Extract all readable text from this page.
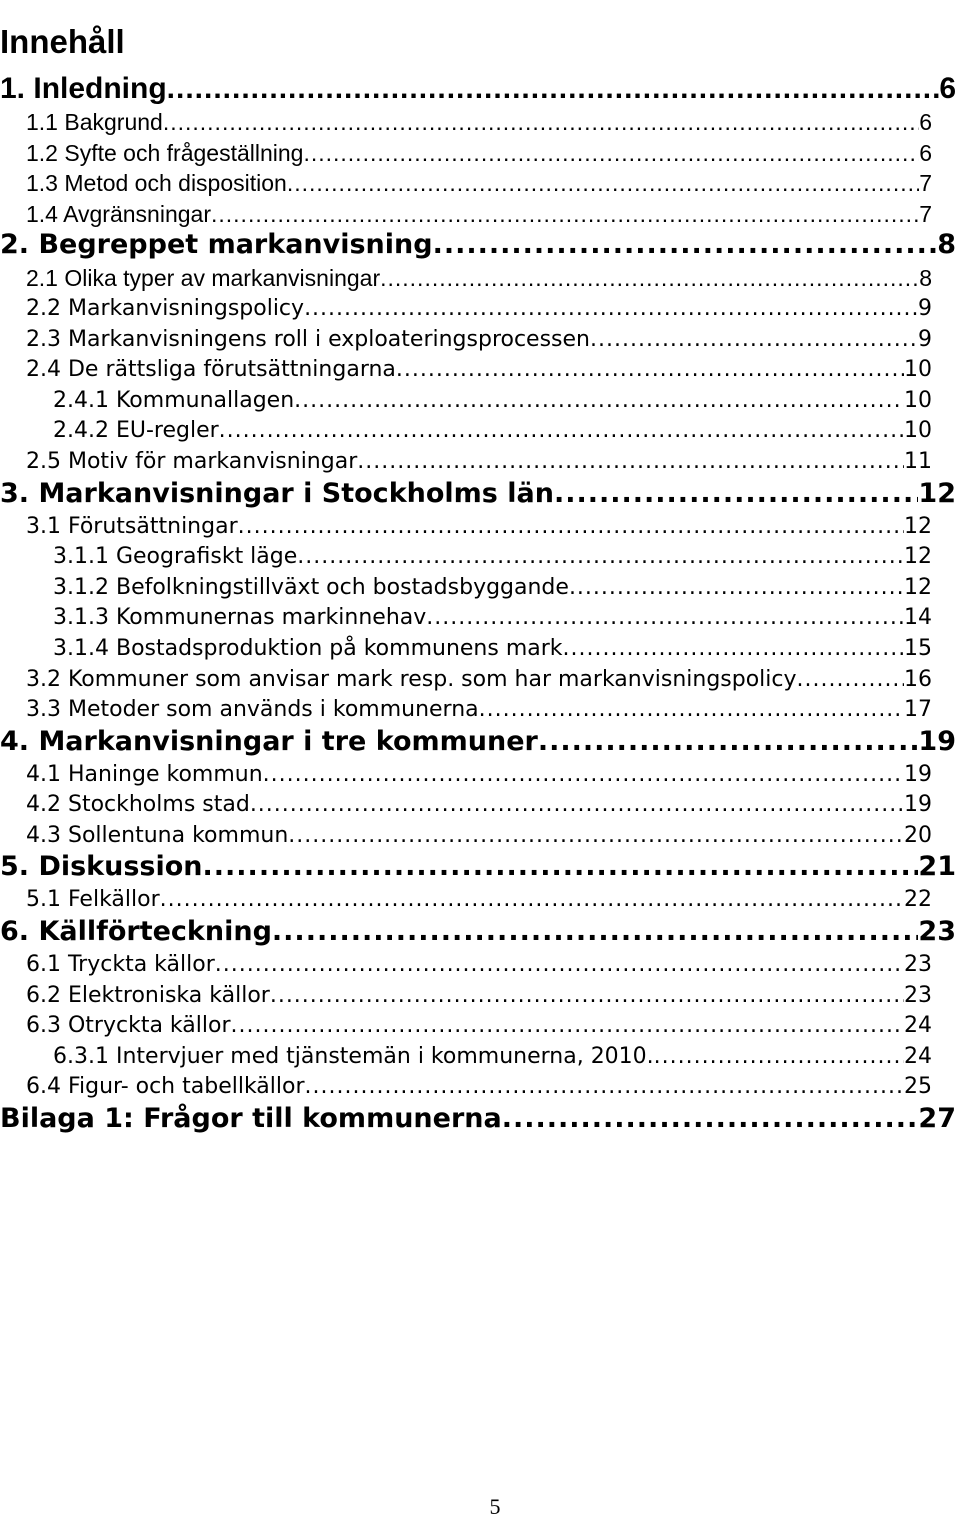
Innehåll
1. Inledning .....	6
1.1 Bakgrund .....	6
1.2 Syfte och frågeställning .....	6
1.3 Metod och disposition .....	7
1.4 Avgränsningar .....	7
2. Begreppet markanvisning .....	8
2.1 Olika typer av markanvisningar .....	8
2.2 Markanvisningspolicy .....	9
2.3 Markanvisningens roll i exploateringsprocessen .....	9
2.4 De rättsliga förutsättningarna .....	10
2.4.1 Kommunallagen .....	10
2.4.2 EU-regler .....	10
2.5 Motiv för markanvisningar .....	11
3. Markanvisningar i Stockholms län .....	12
3.1 Förutsättningar .....	12
3.1.1 Geografiskt läge .....	12
3.1.2 Befolkningstillväxt och bostadsbyggande .....	12
3.1.3 Kommunernas markinnehav .....	14
3.1.4 Bostadsproduktion på kommunens mark .....	15
3.2 Kommuner som anvisar mark resp. som har markanvisningspolicy .....	16
3.3 Metoder som används i kommunerna .....	17
4. Markanvisningar i tre kommuner .....	19
4.1 Haninge kommun .....	19
4.2 Stockholms stad .....	19
4.3 Sollentuna kommun .....	20
5. Diskussion .....	21
5.1 Felkällor .....	22
6. Källförteckning .....	23
6.1 Tryckta källor .....	23
6.2 Elektroniska källor .....	23
6.3 Otryckta källor .....	24
6.3.1 Intervjuer med tjänstemän i kommunerna, 2010. .....	24
6.4 Figur- och tabellkällor .....	25
Bilaga 1: Frågor till kommunerna .....	27
5
